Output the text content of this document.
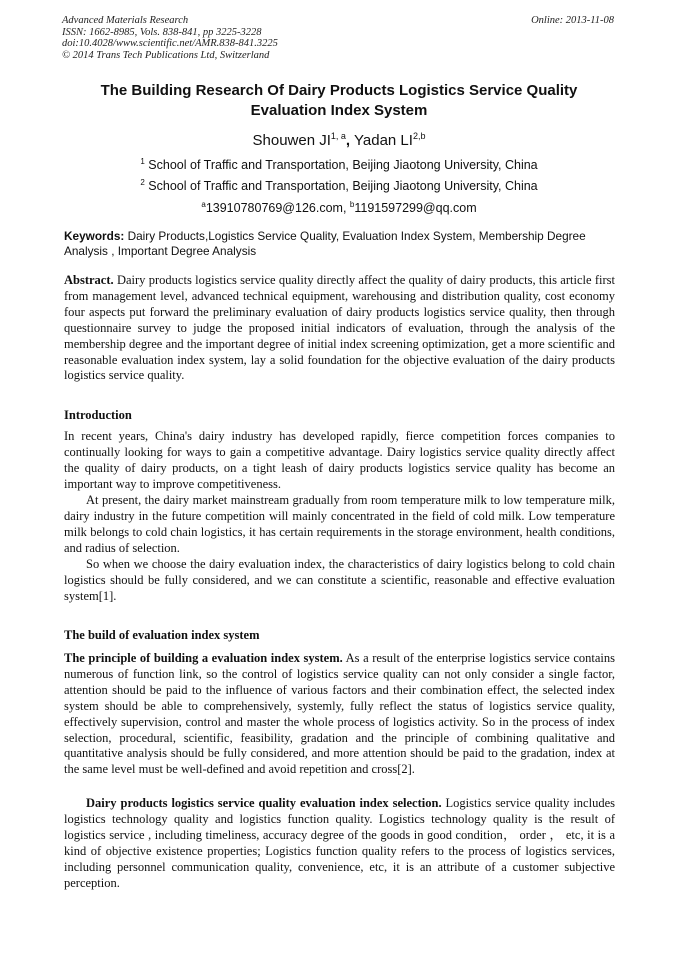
Advanced Materials Research
ISSN: 1662-8985, Vols. 838-841, pp 3225-3228
doi:10.4028/www.scientific.net/AMR.838-841.3225
© 2014 Trans Tech Publications Ltd, Switzerland
Online: 2013-11-08
The Building Research Of Dairy Products Logistics Service Quality Evaluation Index System
Shouwen JI$^{1, a}$, Yadan LI$^{2,b}$
$^1$ School of Traffic and Transportation, Beijing Jiaotong University, China
$^2$ School of Traffic and Transportation, Beijing Jiaotong University, China
$^a$13910780769@126.com, $^b$1191597299@qq.com

Keywords: Dairy Products,Logistics Service Quality, Evaluation Index System, Membership Degree Analysis , Important Degree Analysis

Abstract. Dairy products logistics service quality directly affect the quality of dairy products, this article first from management level, advanced technical equipment, warehousing and distribution quality, cost economy four aspects put forward the preliminary evaluation of dairy products logistics service quality, then through questionnaire survey to judge the proposed initial indicators of evaluation, through the analysis of the membership degree and the important degree of initial index screening optimization, get a more scientific and reasonable evaluation index system, lay a solid foundation for the objective evaluation of the dairy products logistics service quality.

Introduction

In recent years, China's dairy industry has developed rapidly, fierce competition forces companies to continually looking for ways to gain a competitive advantage. Dairy logistics service quality directly affect the quality of dairy products, on a tight leash of dairy products logistics service quality has become an important way to improve competitiveness.

At present, the dairy market mainstream gradually from room temperature milk to low temperature milk, dairy industry in the future competition will mainly concentrated in the field of cold milk. Low temperature milk belongs to cold chain logistics, it has certain requirements in the storage environment, health conditions, and radius of selection.

So when we choose the dairy evaluation index, the characteristics of dairy logistics belong to cold chain logistics should be fully considered, and we can constitute a scientific, reasonable and effective evaluation system[1].

The build of evaluation index system

The principle of building a evaluation index system. As a result of the enterprise logistics service contains numerous of function link, so the control of logistics service quality can not only consider a single factor, attention should be paid to the influence of various factors and their combination effect, the selected index system should be able to comprehensively, systemly, fully reflect the status of logistics service quality, effectively supervision, control and master the whole process of logistics activity. So in the process of index selection, procedural, scientific, feasibility, gradation and the principle of combining qualitative and quantitative analysis should be fully considered, and more attention should be paid to the gradation, index at the same level must be well-defined and avoid repetition and cross[2].

Dairy products logistics service quality evaluation index selection. Logistics service quality includes logistics technology quality and logistics function quality. Logistics technology quality is the result of logistics service , including timeliness, accuracy degree of the goods in good condition， order ， etc, it is a kind of objective existence properties; Logistics function quality refers to the process of logistics services, including personnel communication quality, convenience, etc, it is an attribute of a customer subjective perception.
